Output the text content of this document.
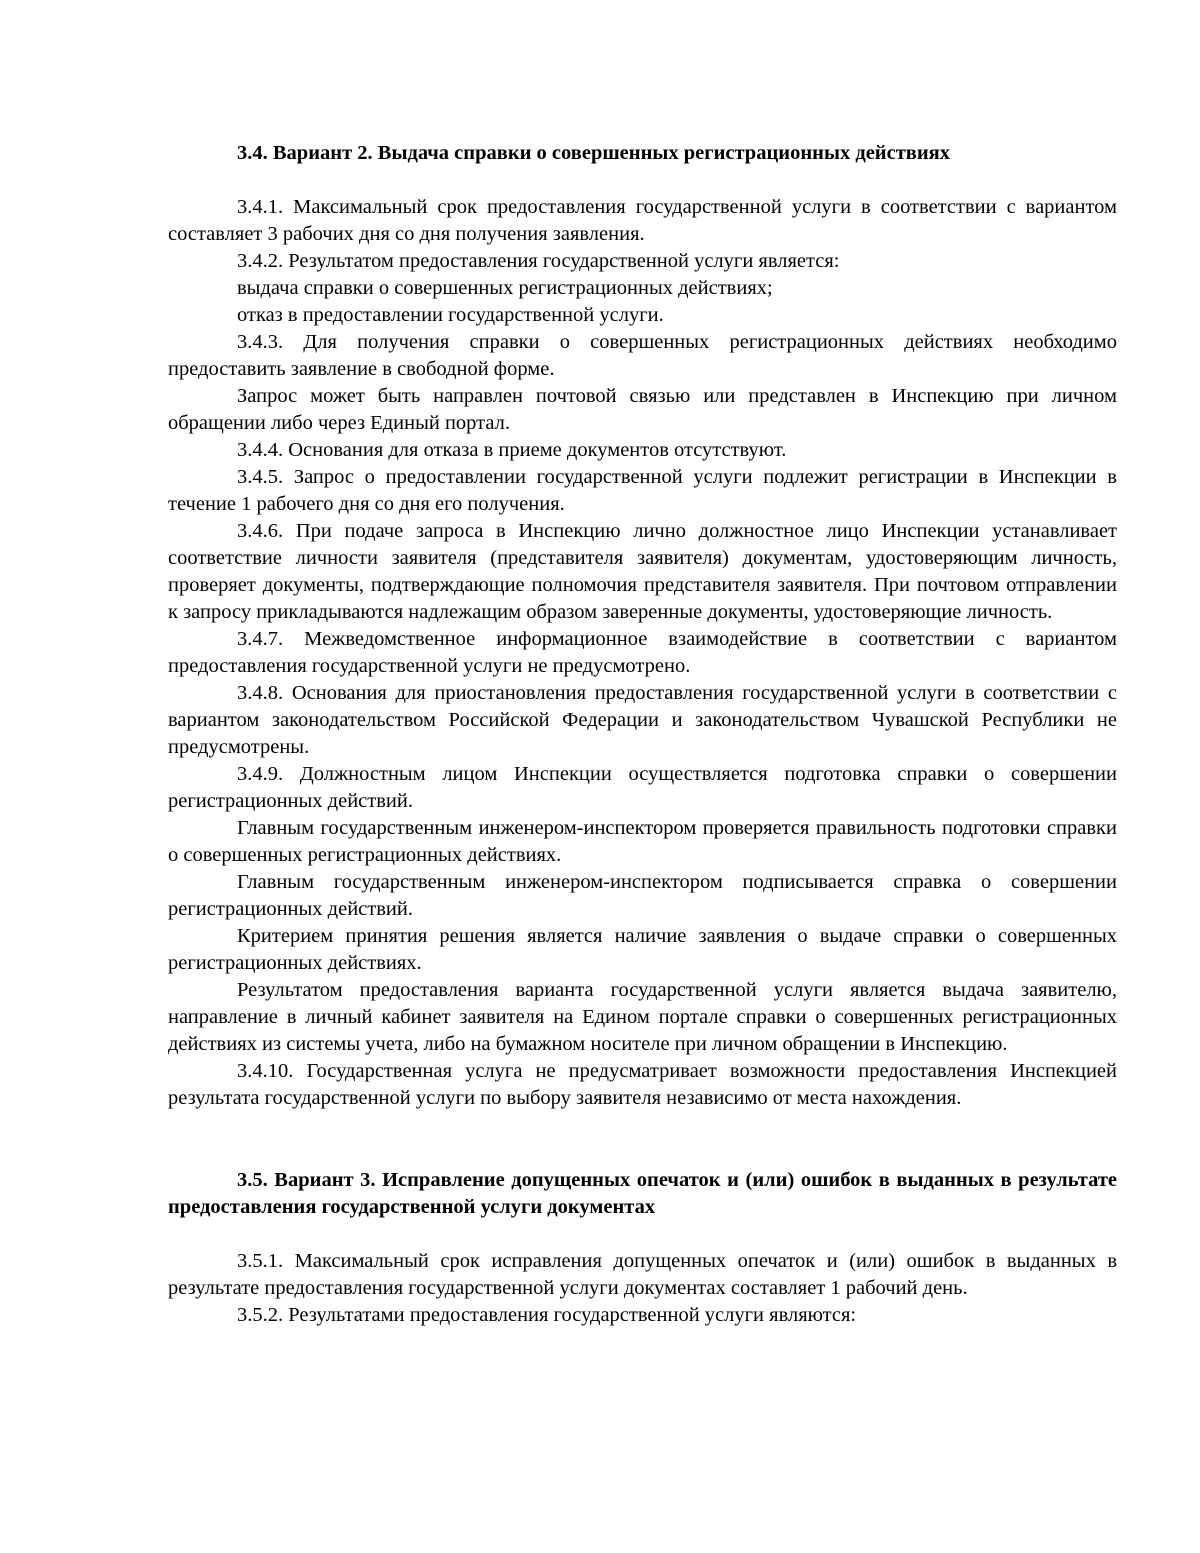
3.4. Вариант 2. Выдача справки о совершенных регистрационных действиях

3.4.1. Максимальный срок предоставления государственной услуги в соответствии с вариантом составляет 3 рабочих дня со дня получения заявления.

3.4.2. Результатом предоставления государственной услуги является:

выдача справки о совершенных регистрационных действиях;

отказ в предоставлении государственной услуги.

3.4.3. Для получения справки о совершенных регистрационных действиях необходимо предоставить заявление в свободной форме.

Запрос может быть направлен почтовой связью или представлен в Инспекцию при личном обращении либо через Единый портал.

3.4.4. Основания для отказа в приеме документов отсутствуют.

3.4.5. Запрос о предоставлении государственной услуги подлежит регистрации в Инспекции в течение 1 рабочего дня со дня его получения.

3.4.6. При подаче запроса в Инспекцию лично должностное лицо Инспекции устанавливает соответствие личности заявителя (представителя заявителя) документам, удостоверяющим личность, проверяет документы, подтверждающие полномочия представителя заявителя. При почтовом отправлении к запросу прикладываются надлежащим образом заверенные документы, удостоверяющие личность.

3.4.7. Межведомственное информационное взаимодействие в соответствии с вариантом предоставления государственной услуги не предусмотрено.

3.4.8. Основания для приостановления предоставления государственной услуги в соответствии с вариантом законодательством Российской Федерации и законодательством Чувашской Республики не предусмотрены.

3.4.9. Должностным лицом Инспекции осуществляется подготовка справки о совершении регистрационных действий.

Главным государственным инженером-инспектором проверяется правильность подготовки справки о совершенных регистрационных действиях.

Главным государственным инженером-инспектором подписывается справка о совершении регистрационных действий.

Критерием принятия решения является наличие заявления о выдаче справки о совершенных регистрационных действиях.

Результатом предоставления варианта государственной услуги является выдача заявителю, направление в личный кабинет заявителя на Едином портале справки о совершенных регистрационных действиях из системы учета, либо на бумажном носителе при личном обращении в Инспекцию.

3.4.10. Государственная услуга не предусматривает возможности предоставления Инспекцией результата государственной услуги по выбору заявителя независимо от места нахождения.

3.5. Вариант 3. Исправление допущенных опечаток и (или) ошибок в выданных в результате предоставления государственной услуги документах

3.5.1. Максимальный срок исправления допущенных опечаток и (или) ошибок в выданных в результате предоставления государственной услуги документах составляет 1 рабочий день.

3.5.2. Результатами предоставления государственной услуги являются:
